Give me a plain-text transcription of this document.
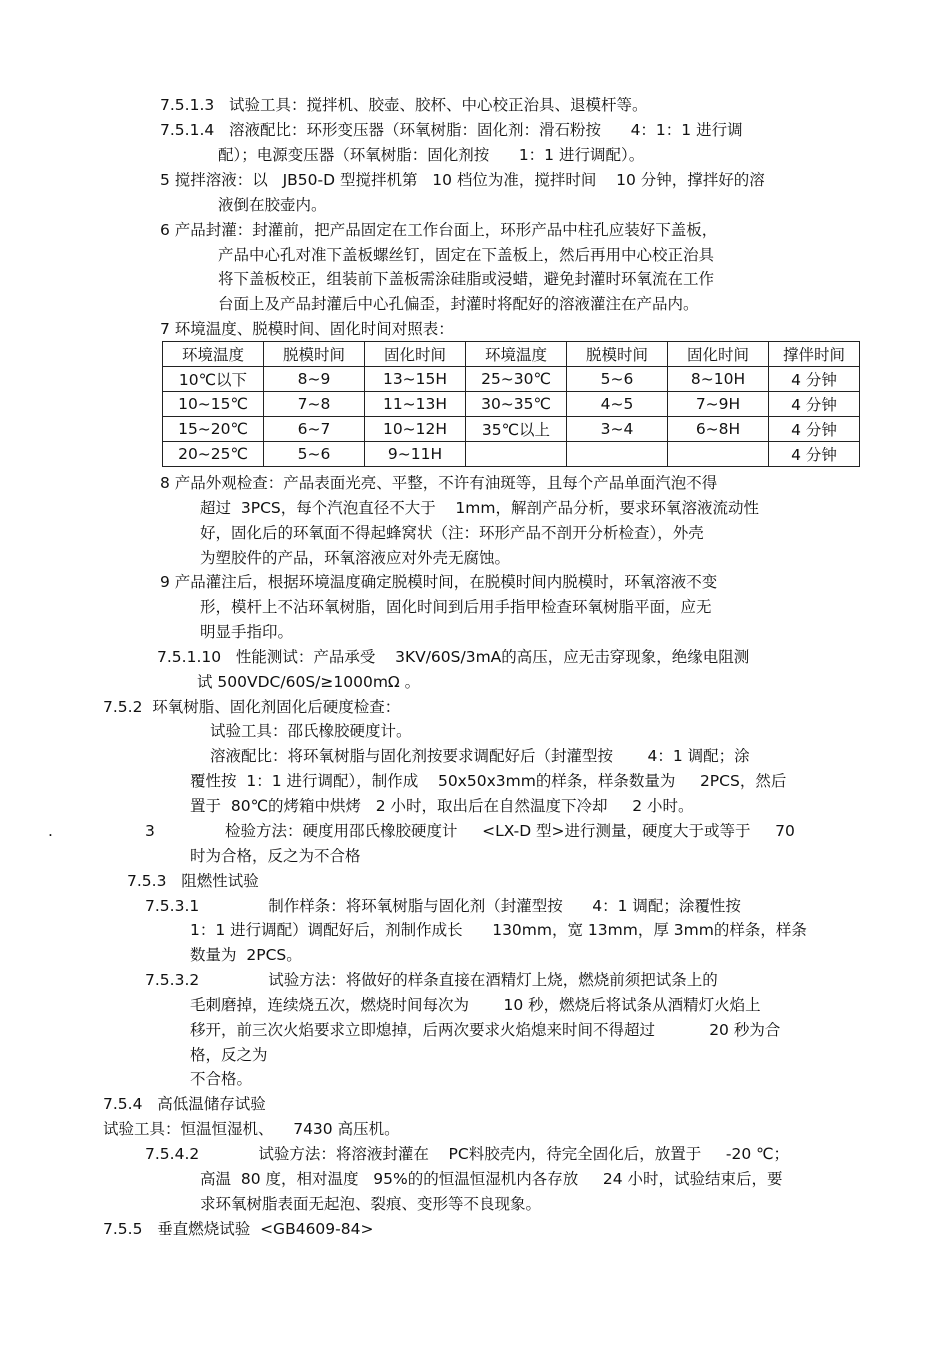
7.5.1.3   试验工具：搅拌机、胶壶、胶杯、中心校正治具、退模杆等。
7.5.1.4   溶液配比：环形变压器（环氧树脂：固化剂：滑石粉按      4：1：1 进行调
配）；电源变压器（环氧树脂：固化剂按      1：1 进行调配）。
5 搅拌溶液：以   JB50-D 型搅拌机第   10 档位为准，搅拌时间    10 分钟，撑拌好的溶
液倒在胶壶内。
6 产品封灌：封灌前，把产品固定在工作台面上，环形产品中柱孔应装好下盖板，
产品中心孔对准下盖板螺丝钉，固定在下盖板上，然后再用中心校正治具
将下盖板校正，组装前下盖板需涂硅脂或浸蜡，避免封灌时环氧流在工作
台面上及产品封灌后中心孔偏歪，封灌时将配好的溶液灌注在产品内。
7 环境温度、脱模时间、固化时间对照表：
环境温度	脱模时间	固化时间	环境温度	脱模时间	固化时间	撑伴时间
10℃以下	8~9	13~15H	25~30℃	5~6	8~10H	4 分钟
10~15℃	7~8	11~13H	30~35℃	4~5	7~9H	4 分钟
15~20℃	6~7	10~12H	35℃以上	3~4	6~8H	4 分钟
20~25℃	5~6	9~11H				4 分钟
8 产品外观检查：产品表面光亮、平整，不许有油斑等，且每个产品单面汽泡不得
超过  3PCS，每个汽泡直径不大于    1mm，解剖产品分析，要求环氧溶液流动性
好，固化后的环氧面不得起蜂窝状（注：环形产品不剖开分析检查），外壳
为塑胶件的产品，环氧溶液应对外壳无腐蚀。
9 产品灌注后，根据环境温度确定脱模时间，在脱模时间内脱模时，环氧溶液不变
形，模杆上不沾环氧树脂，固化时间到后用手指甲检查环氧树脂平面，应无
明显手指印。
7.5.1.10   性能测试：产品承受    3KV/60S/3mA的高压，应无击穿现象，绝缘电阻测
试 500VDC/60S/≥1000mΩ 。
7.5.2  环氧树脂、固化剂固化后硬度检查：
试验工具：邵氏橡胶硬度计。
溶液配比：将环氧树脂与固化剂按要求调配好后（封灌型按       4：1 调配；涂
覆性按  1：1 进行调配），制作成    50x50x3mm的样条，样条数量为     2PCS，然后
置于  80℃的烤箱中烘烤   2 小时，取出后在自然温度下冷却     2 小时。
.	3	检验方法：硬度用邵氏橡胶硬度计     <LX-D 型>进行测量，硬度大于或等于     70
时为合格，反之为不合格
7.5.3   阻燃性试验
7.5.3.1              制作样条：将环氧树脂与固化剂（封灌型按      4：1 调配；涂覆性按
1：1 进行调配）调配好后，剂制作成长      130mm，宽 13mm，厚 3mm的样条，样条
数量为  2PCS。
7.5.3.2              试验方法：将做好的样条直接在酒精灯上烧，燃烧前须把试条上的
毛刺磨掉，连续烧五次，燃烧时间每次为       10 秒，燃烧后将试条从酒精灯火焰上
移开，前三次火焰要求立即熄掉，后两次要求火焰熄来时间不得超过           20 秒为合
格，反之为
不合格。
7.5.4   高低温储存试验
试验工具：恒温恒湿机、    7430 高压机。
7.5.4.2            试验方法：将溶液封灌在    PC料胶壳内，待完全固化后，放置于     -20 ℃；
高温  80 度，相对温度   95%的的恒温恒湿机内各存放     24 小时，试验结束后，要
求环氧树脂表面无起泡、裂痕、变形等不良现象。
7.5.5   垂直燃烧试验  <GB4609-84>
